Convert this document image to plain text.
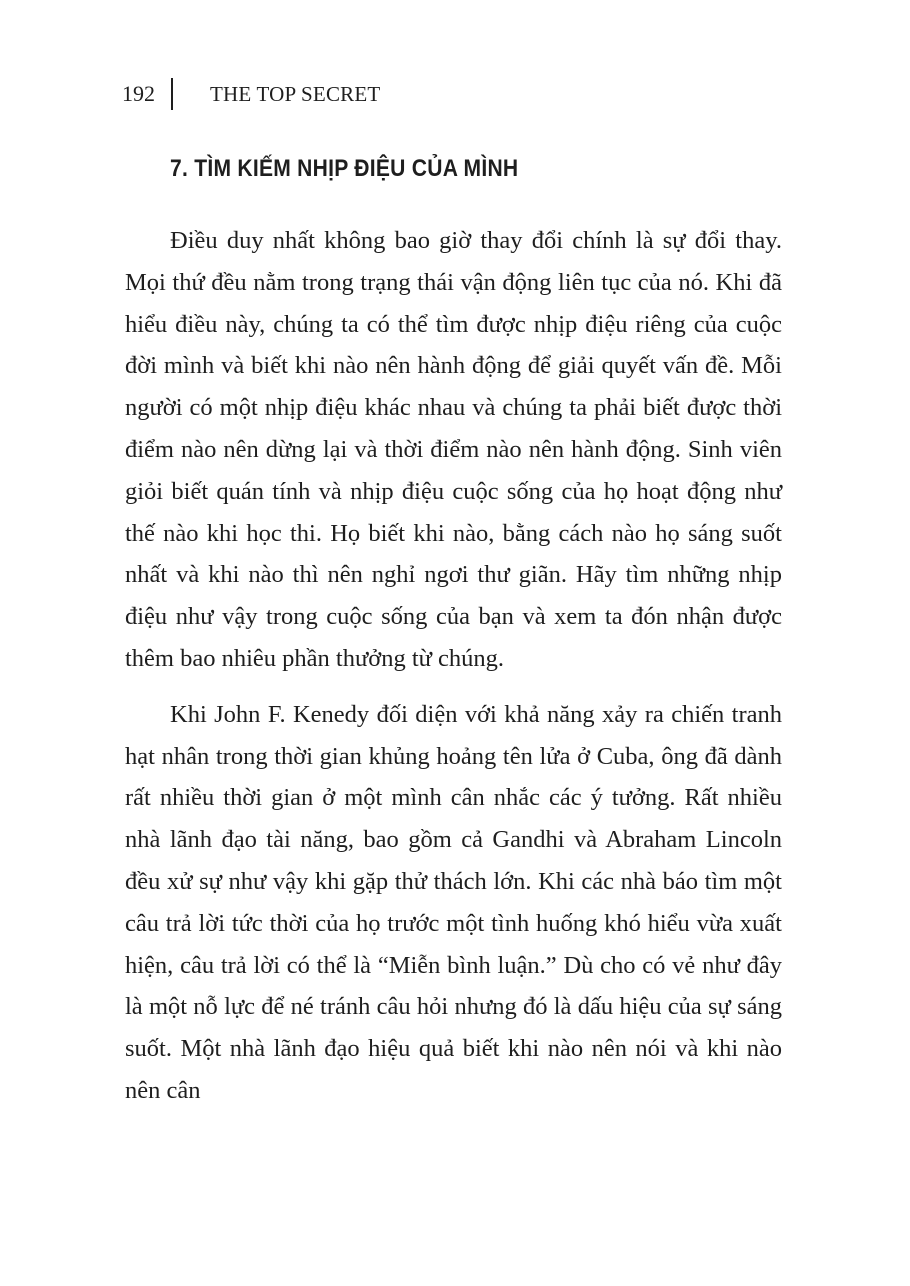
192	THE TOP SECRET
7. TÌM KIẾM NHỊP ĐIỆU CỦA MÌNH

Điều duy nhất không bao giờ thay đổi chính là sự đổi thay. Mọi thứ đều nằm trong trạng thái vận động liên tục của nó. Khi đã hiểu điều này, chúng ta có thể tìm được nhịp điệu riêng của cuộc đời mình và biết khi nào nên hành động để giải quyết vấn đề. Mỗi người có một nhịp điệu khác nhau và chúng ta phải biết được thời điểm nào nên dừng lại và thời điểm nào nên hành động. Sinh viên giỏi biết quán tính và nhịp điệu cuộc sống của họ hoạt động như thế nào khi học thi. Họ biết khi nào, bằng cách nào họ sáng suốt nhất và khi nào thì nên nghỉ ngơi thư giãn. Hãy tìm những nhịp điệu như vậy trong cuộc sống của bạn và xem ta đón nhận được thêm bao nhiêu phần thưởng từ chúng.

Khi John F. Kenedy đối diện với khả năng xảy ra chiến tranh hạt nhân trong thời gian khủng hoảng tên lửa ở Cuba, ông đã dành rất nhiều thời gian ở một mình cân nhắc các ý tưởng. Rất nhiều nhà lãnh đạo tài năng, bao gồm cả Gandhi và Abraham Lincoln đều xử sự như vậy khi gặp thử thách lớn. Khi các nhà báo tìm một câu trả lời tức thời của họ trước một tình huống khó hiểu vừa xuất hiện, câu trả lời có thể là “Miễn bình luận.” Dù cho có vẻ như đây là một nỗ lực để né tránh câu hỏi nhưng đó là dấu hiệu của sự sáng suốt. Một nhà lãnh đạo hiệu quả biết khi nào nên nói và khi nào nên cân
